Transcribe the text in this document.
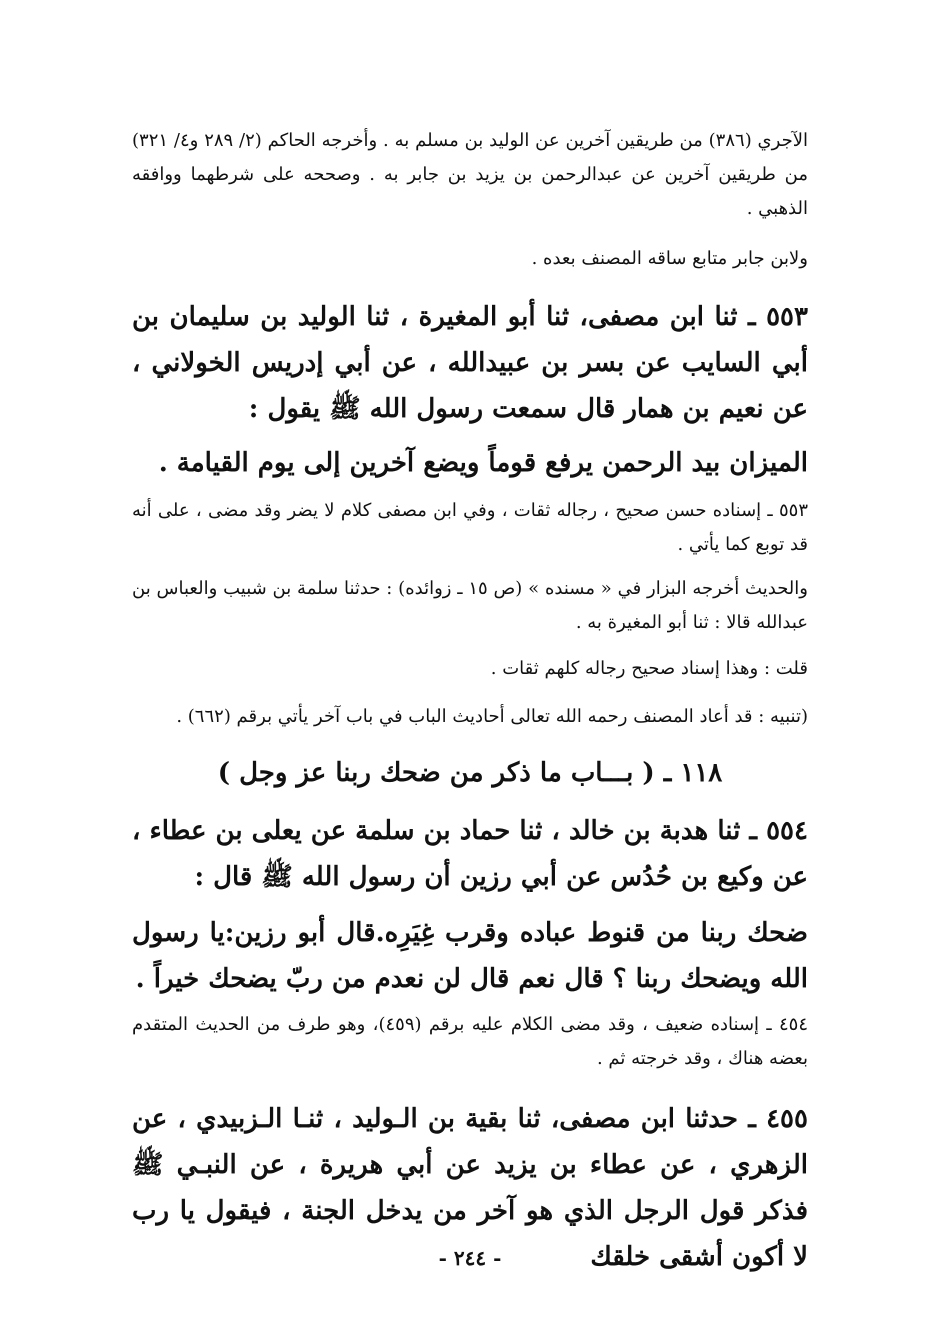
الآجري (٣٨٦) من طريقين آخرين عن الوليد بن مسلم به . وأخرجه الحاكم (٢/ ٢٨٩ و٤/ ٣٢١) من طريقين آخرين عن عبدالرحمن بن يزيد بن جابر به . وصححه على شرطهما ووافقه الذهبي .
ولابن جابر متابع ساقه المصنف بعده .
٥٥٣ ـ ثنا ابن مصفى، ثنا أبو المغيرة ، ثنا الوليد بن سليمان بن أبي السايب عن بسر بن عبيدالله ، عن أبي إدريس الخولاني ، عن نعيم بن همار قال سمعت رسول الله ﷺ يقول :
الميزان بيد الرحمن يرفع قوماً ويضع آخرين إلى يوم القيامة .
٥٥٣ ـ إسناده حسن صحيح ، رجاله ثقات ، وفي ابن مصفى كلام لا يضر وقد مضى ، على أنه قد توبع كما يأتي .
والحديث أخرجه البزار في « مسنده » (ص ١٥ ـ زوائده) : حدثنا سلمة بن شبيب والعباس بن عبدالله قالا : ثنا أبو المغيرة به .
قلت : وهذا إسناد صحيح رجاله كلهم ثقات .
(تنبيه : قد أعاد المصنف رحمه الله تعالى أحاديث الباب في باب آخر يأتي برقم (٦٦٢) .
١١٨ ـ ( بـــاب ما ذكر من ضحك ربنا عز وجل )
٥٥٤ ـ ثنا هدبة بن خالد ، ثنا حماد بن سلمة عن يعلى بن عطاء ، عن وكيع بن حُدُس عن أبي رزين أن رسول الله ﷺ قال :
ضحك ربنا من قنوط عباده وقرب غِيَرِه.قال أبو رزين:يا رسول الله ويضحك ربنا ؟ قال نعم قال لن نعدم من ربّ يضحك خيراً .
٤٥٤ ـ إسناده ضعيف ، وقد مضى الكلام عليه برقم (٤٥٩)، وهو طرف من الحديث المتقدم بعضه هناك ، وقد خرجته ثم .
٤٥٥ ـ حدثنا ابن مصفى، ثنا بقية بن الـوليد ، ثنـا الـزبيدي ، عن الزهري ، عن عطاء بن يزيد عن أبي هريرة ، عن النبـي ﷺ فذكر قول الرجل الذي هو آخر من يدخل الجنة ، فيقول يا رب لا أكون أشقى خلقك
- ٢٤٤ -
